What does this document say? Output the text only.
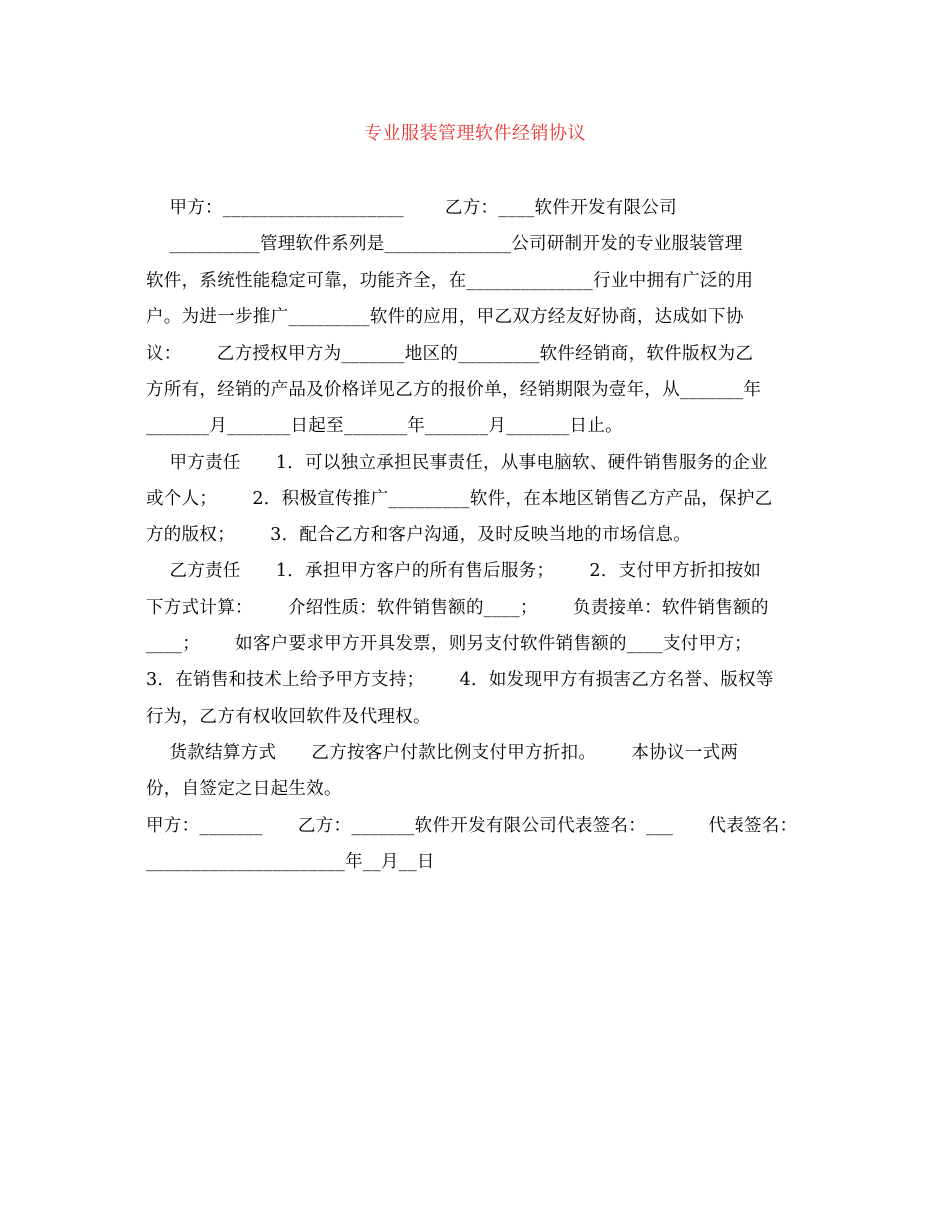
专业服装管理软件经销协议
甲方：____________________       乙方：____软件开发有限公司
__________管理软件系列是______________公司研制开发的专业服装管理
软件，系统性能稳定可靠，功能齐全，在______________行业中拥有广泛的用
户。为进一步推广_________软件的应用，甲乙双方经友好协商，达成如下协
议：      乙方授权甲方为_______地区的_________软件经销商，软件版权为乙
方所有，经销的产品及价格详见乙方的报价单，经销期限为壹年，从_______年
_______月_______日起至_______年_______月_______日止。
甲方责任      1．可以独立承担民事责任，从事电脑软、硬件销售服务的企业
或个人；      2．积极宣传推广_________软件，在本地区销售乙方产品，保护乙
方的版权；      3．配合乙方和客户沟通，及时反映当地的市场信息。
乙方责任      1．承担甲方客户的所有售后服务；      2．支付甲方折扣按如
下方式计算：      介绍性质：软件销售额的____；      负责接单：软件销售额的
____；      如客户要求甲方开具发票，则另支付软件销售额的____支付甲方；
3．在销售和技术上给予甲方支持；      4．如发现甲方有损害乙方名誉、版权等
行为，乙方有权收回软件及代理权。
货款结算方式      乙方按客户付款比例支付甲方折扣。      本协议一式两
份，自签定之日起生效。
甲方：_______      乙方：_______软件开发有限公司代表签名：___      代表签名：
______________________年__月__日
